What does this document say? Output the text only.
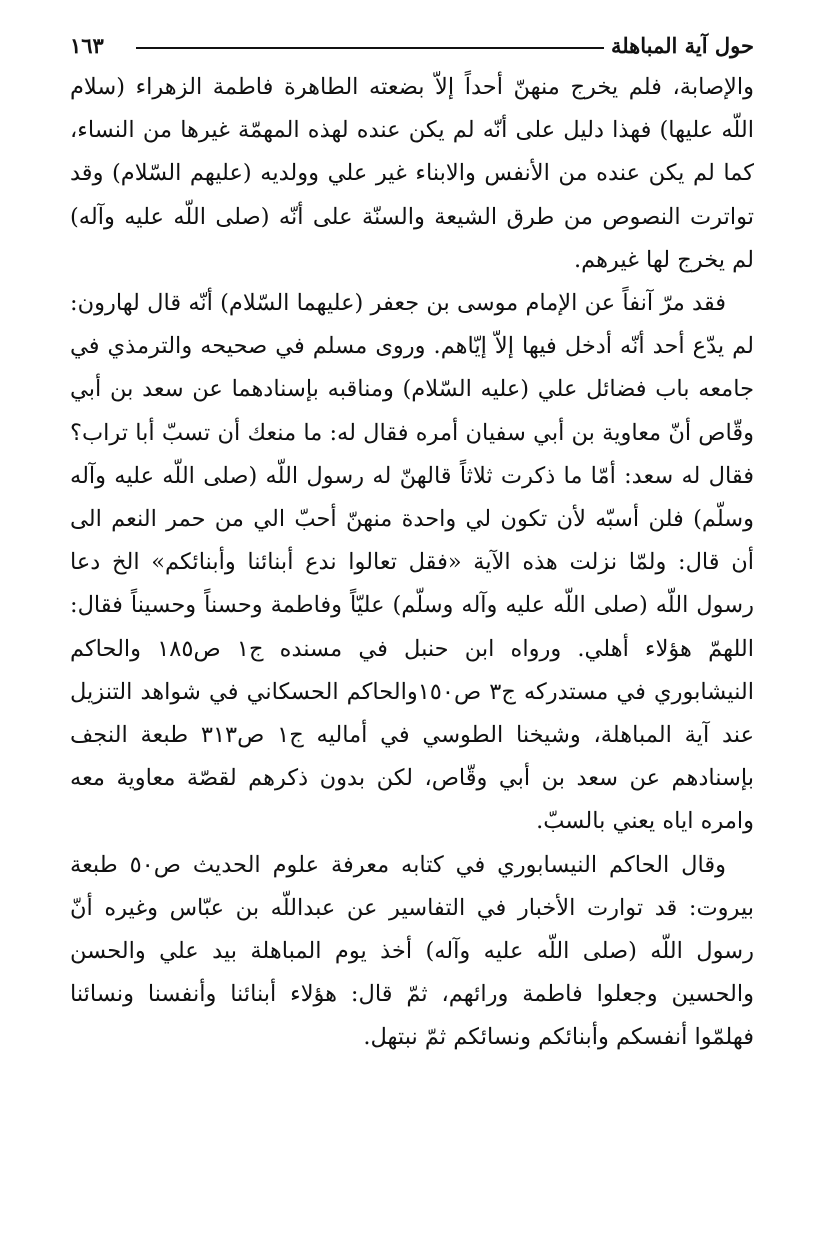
حول آية المباهلة
١٦٣

والإصابة، فلم يخرج منهنّ أحداً إلاّ بضعته الطاهرة فاطمة الزهراء (سلام اللّه عليها) فهذا دليل على أنّه لم يكن عنده لهذه المهمّة غيرها من النساء، كما لم يكن عنده من الأنفس والابناء غير علي وولديه (عليهم السّلام) وقد تواترت النصوص من طرق الشيعة والسنّة على أنّه (صلى اللّه عليه وآله) لم يخرج لها غيرهم.

فقد مرّ آنفاً عن الإمام موسى بن جعفر (عليهما السّلام) أنّه قال لهارون: لم يدّع أحد أنّه أدخل فيها إلاّ إيّاهم. وروى مسلم في صحيحه والترمذي في جامعه باب فضائل علي (عليه السّلام) ومناقبه بإسنادهما عن سعد بن أبي وقّاص أنّ معاوية بن أبي سفيان أمره فقال له: ما منعك أن تسبّ أبا تراب؟ فقال له سعد: أمّا ما ذكرت ثلاثاً قالهنّ له رسول اللّه (صلى اللّه عليه وآله وسلّم) فلن أسبّه لأن تكون لي واحدة منهنّ أحبّ الي من حمر النعم الى أن قال: ولمّا نزلت هذه الآية «فقل تعالوا ندع أبنائنا وأبنائكم» الخ دعا رسول اللّه (صلى اللّه عليه وآله وسلّم) عليّاً وفاطمة وحسناً وحسيناً فقال: اللهمّ هؤلاء أهلي. ورواه ابن حنبل في مسنده ج١ ص١٨٥ والحاكم النيشابوري في مستدركه ج٣ ص١٥٠والحاكم الحسكاني في شواهد التنزيل عند آية المباهلة، وشيخنا الطوسي في أماليه ج١ ص٣١٣ طبعة النجف بإسنادهم عن سعد بن أبي وقّاص، لكن بدون ذكرهم لقصّة معاوية معه وامره اياه يعني بالسبّ.

وقال الحاكم النيسابوري في كتابه معرفة علوم الحديث ص٥٠ طبعة بيروت: قد توارت الأخبار في التفاسير عن عبداللّه بن عبّاس وغيره أنّ رسول اللّه (صلى اللّه عليه وآله) أخذ يوم المباهلة بيد علي والحسن والحسين وجعلوا فاطمة ورائهم، ثمّ قال: هؤلاء أبنائنا وأنفسنا ونسائنا فهلمّوا أنفسكم وأبنائكم ونسائكم ثمّ نبتهل.
